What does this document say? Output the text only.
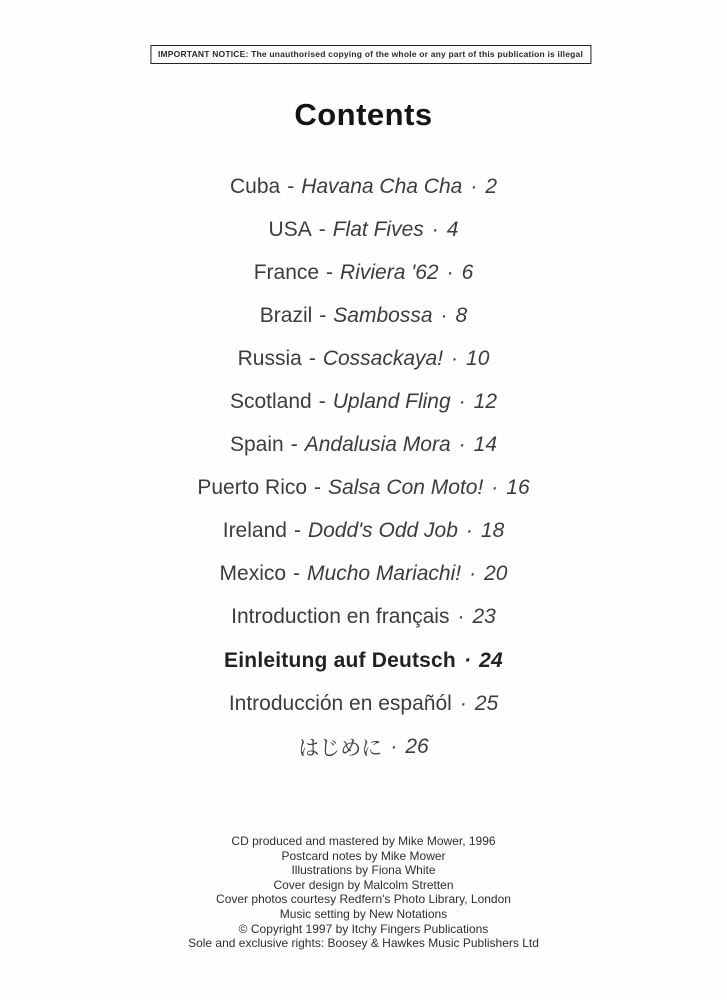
IMPORTANT NOTICE: The unauthorised copying of the whole or any part of this publication is illegal
Contents
Cuba - Havana Cha Cha · 2
USA - Flat Fives · 4
France - Riviera '62 · 6
Brazil - Sambossa · 8
Russia - Cossackaya! · 10
Scotland - Upland Fling · 12
Spain - Andalusia Mora · 14
Puerto Rico - Salsa Con Moto! · 16
Ireland - Dodd's Odd Job · 18
Mexico - Mucho Mariachi! · 20
Introduction en français · 23
Einleitung auf Deutsch · 24
Introducción en españól · 25
はじめに · 26
CD produced and mastered by Mike Mower, 1996
Postcard notes by Mike Mower
Illustrations by Fiona White
Cover design by Malcolm Stretten
Cover photos courtesy Redfern's Photo Library, London
Music setting by New Notations
© Copyright 1997 by Itchy Fingers Publications
Sole and exclusive rights: Boosey & Hawkes Music Publishers Ltd
